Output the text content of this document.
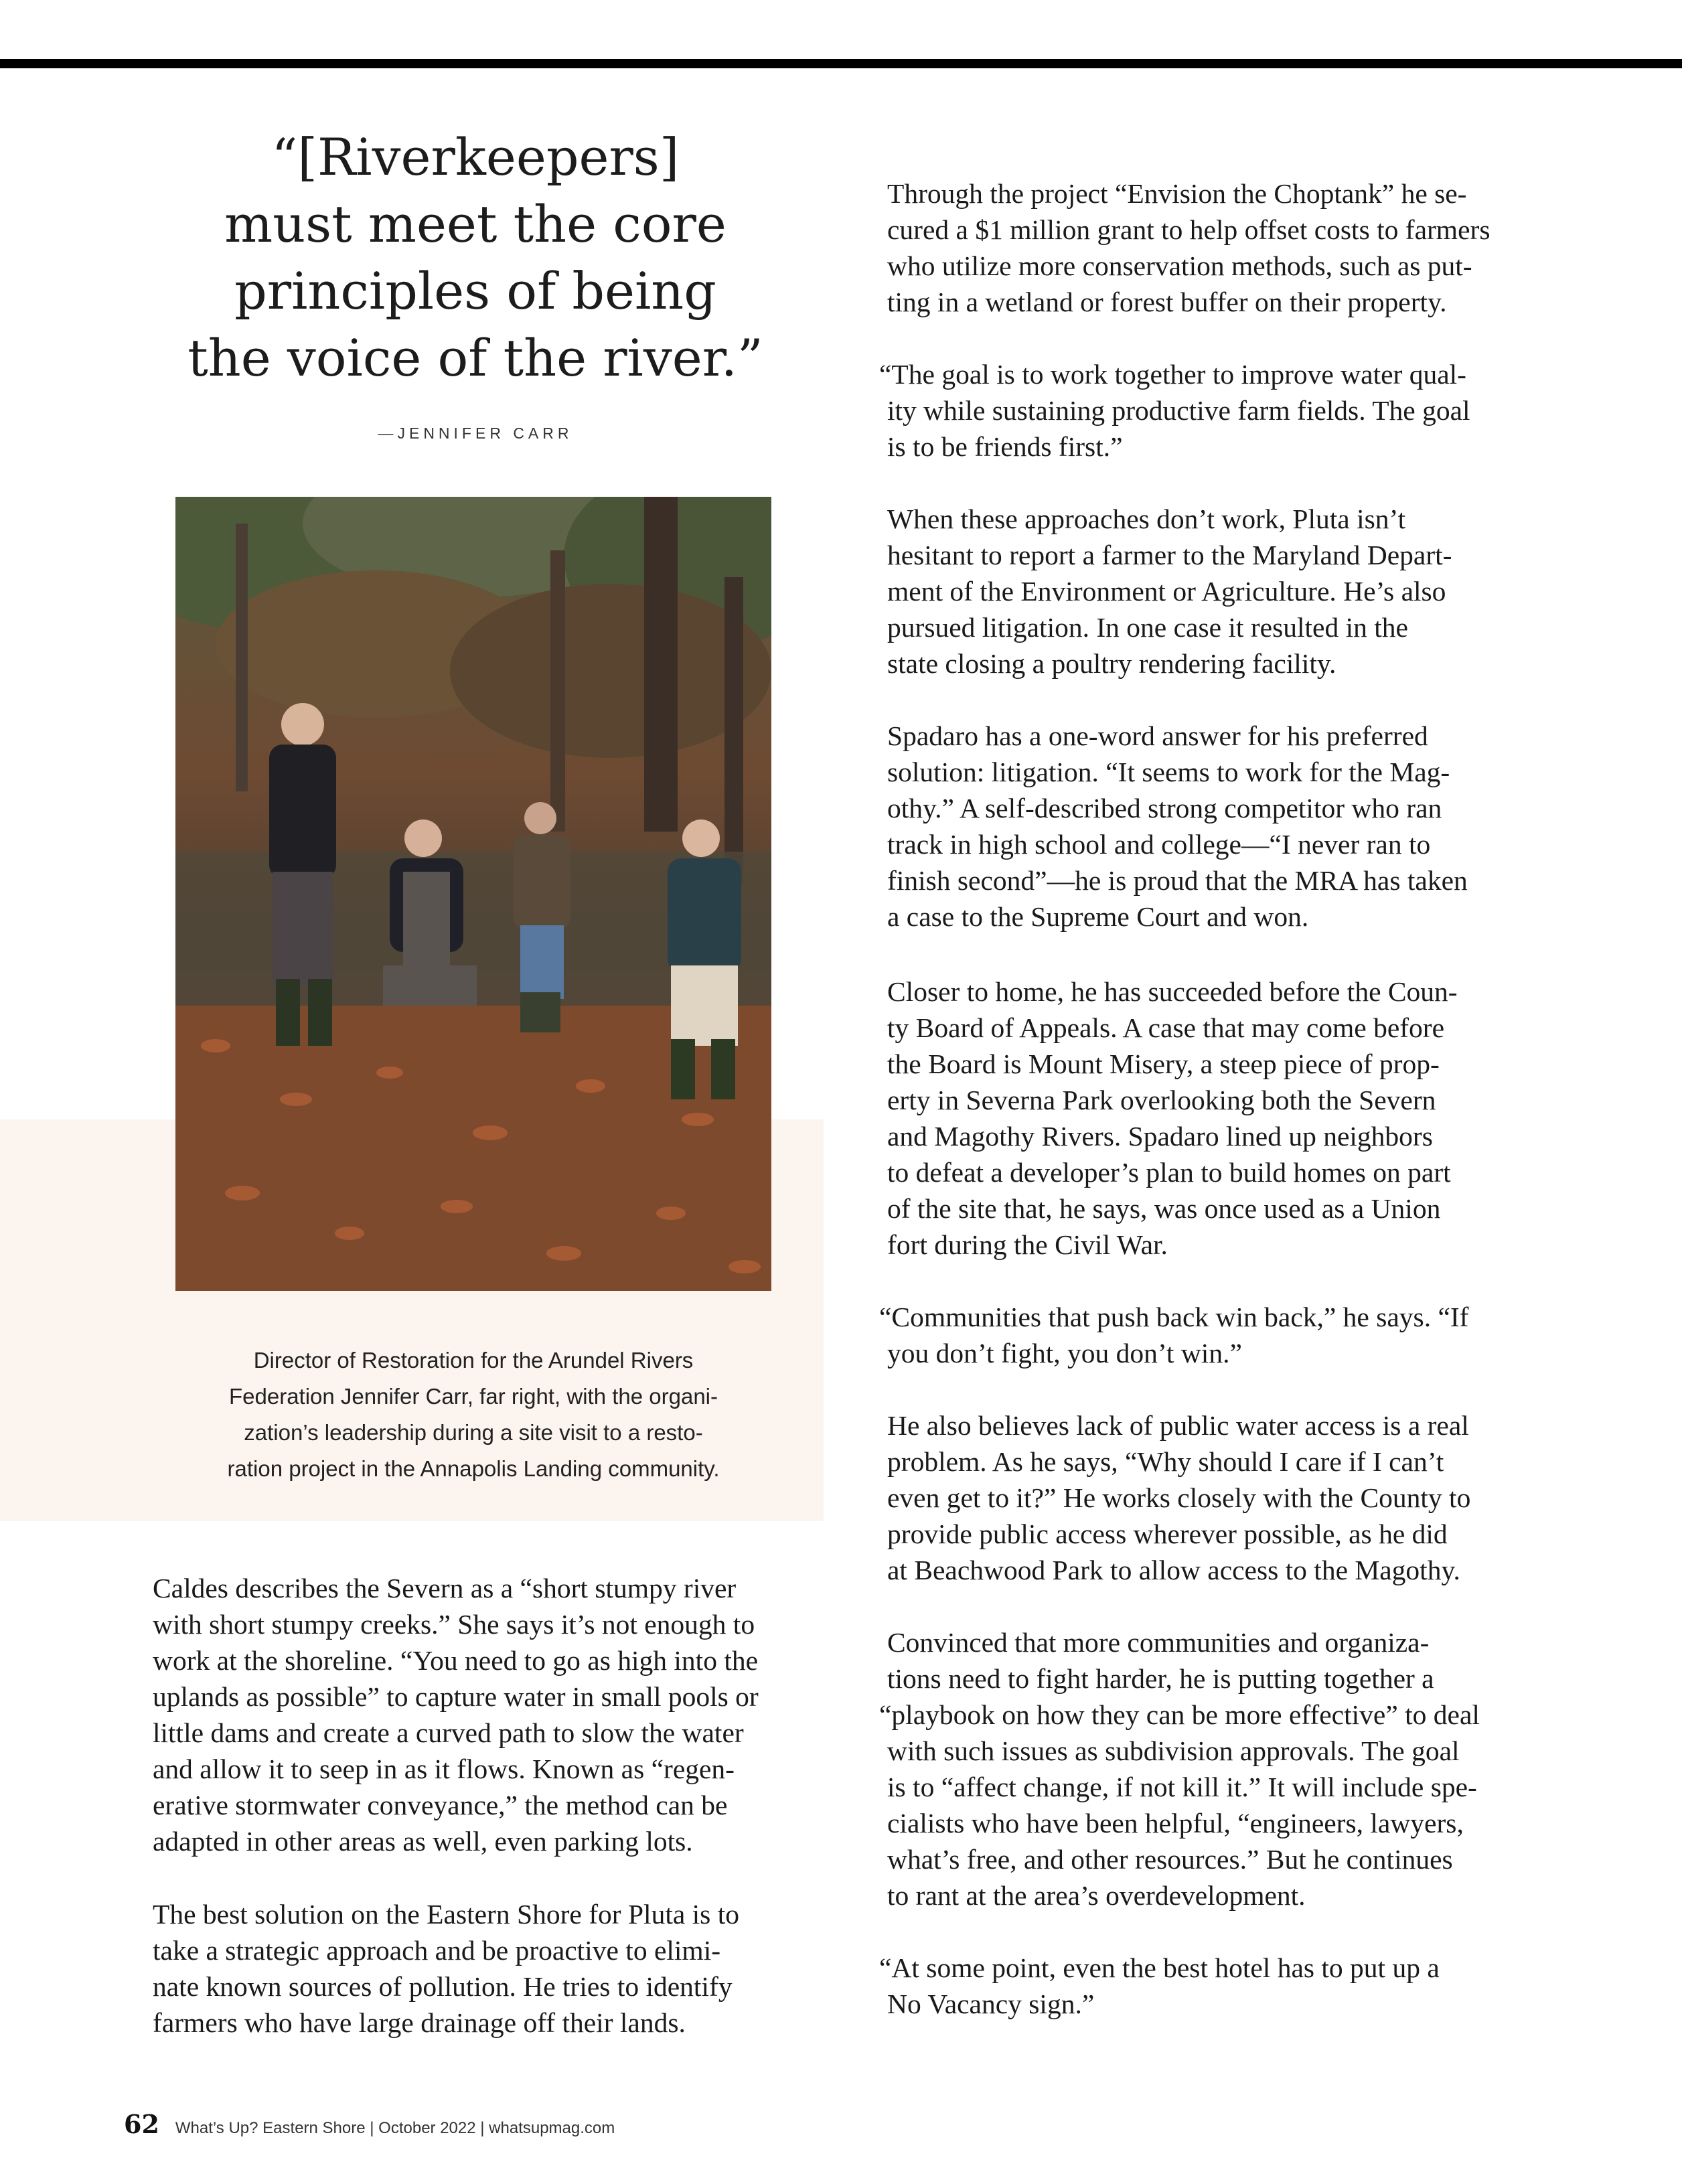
“[Riverkeepers]
must meet the core
principles of being
the voice of the river.”
—JENNIFER CARR

Director of Restoration for the Arundel Rivers
Federation Jennifer Carr, far right, with the organi-
zation’s leadership during a site visit to a resto-
ration project in the Annapolis Landing community.

Caldes describes the Severn as a “short stumpy river
with short stumpy creeks.” She says it’s not enough to
work at the shoreline. “You need to go as high into the
uplands as possible” to capture water in small pools or
little dams and create a curved path to slow the water
and allow it to seep in as it flows. Known as “regen-
erative stormwater conveyance,” the method can be
adapted in other areas as well, even parking lots.
The best solution on the Eastern Shore for Pluta is to
take a strategic approach and be proactive to elimi-
nate known sources of pollution. He tries to identify
farmers who have large drainage off their lands.
Through the project “Envision the Choptank” he se-
cured a $1 million grant to help offset costs to farmers
who utilize more conservation methods, such as put-
ting in a wetland or forest buffer on their property.
“The goal is to work together to improve water qual-
ity while sustaining productive farm fields. The goal
is to be friends first.”
When these approaches don’t work, Pluta isn’t
hesitant to report a farmer to the Maryland Depart-
ment of the Environment or Agriculture. He’s also
pursued litigation. In one case it resulted in the
state closing a poultry rendering facility.
Spadaro has a one-word answer for his preferred
solution: litigation. “It seems to work for the Mag-
othy.” A self-described strong competitor who ran
track in high school and college—“I never ran to
finish second”—he is proud that the MRA has taken
a case to the Supreme Court and won.
Closer to home, he has succeeded before the Coun-
ty Board of Appeals. A case that may come before
the Board is Mount Misery, a steep piece of prop-
erty in Severna Park overlooking both the Severn
and Magothy Rivers. Spadaro lined up neighbors
to defeat a developer’s plan to build homes on part
of the site that, he says, was once used as a Union
fort during the Civil War.
“Communities that push back win back,” he says. “If
you don’t fight, you don’t win.”
He also believes lack of public water access is a real
problem. As he says, “Why should I care if I can’t
even get to it?” He works closely with the County to
provide public access wherever possible, as he did
at Beachwood Park to allow access to the Magothy.
Convinced that more communities and organiza-
tions need to fight harder, he is putting together a
“playbook on how they can be more effective” to deal
with such issues as subdivision approvals. The goal
is to “affect change, if not kill it.” It will include spe-
cialists who have been helpful, “engineers, lawyers,
what’s free, and other resources.” But he continues
to rant at the area’s overdevelopment.
“At some point, even the best hotel has to put up a
No Vacancy sign.”
62 What’s Up? Eastern Shore | October 2022 | whatsupmag.com
